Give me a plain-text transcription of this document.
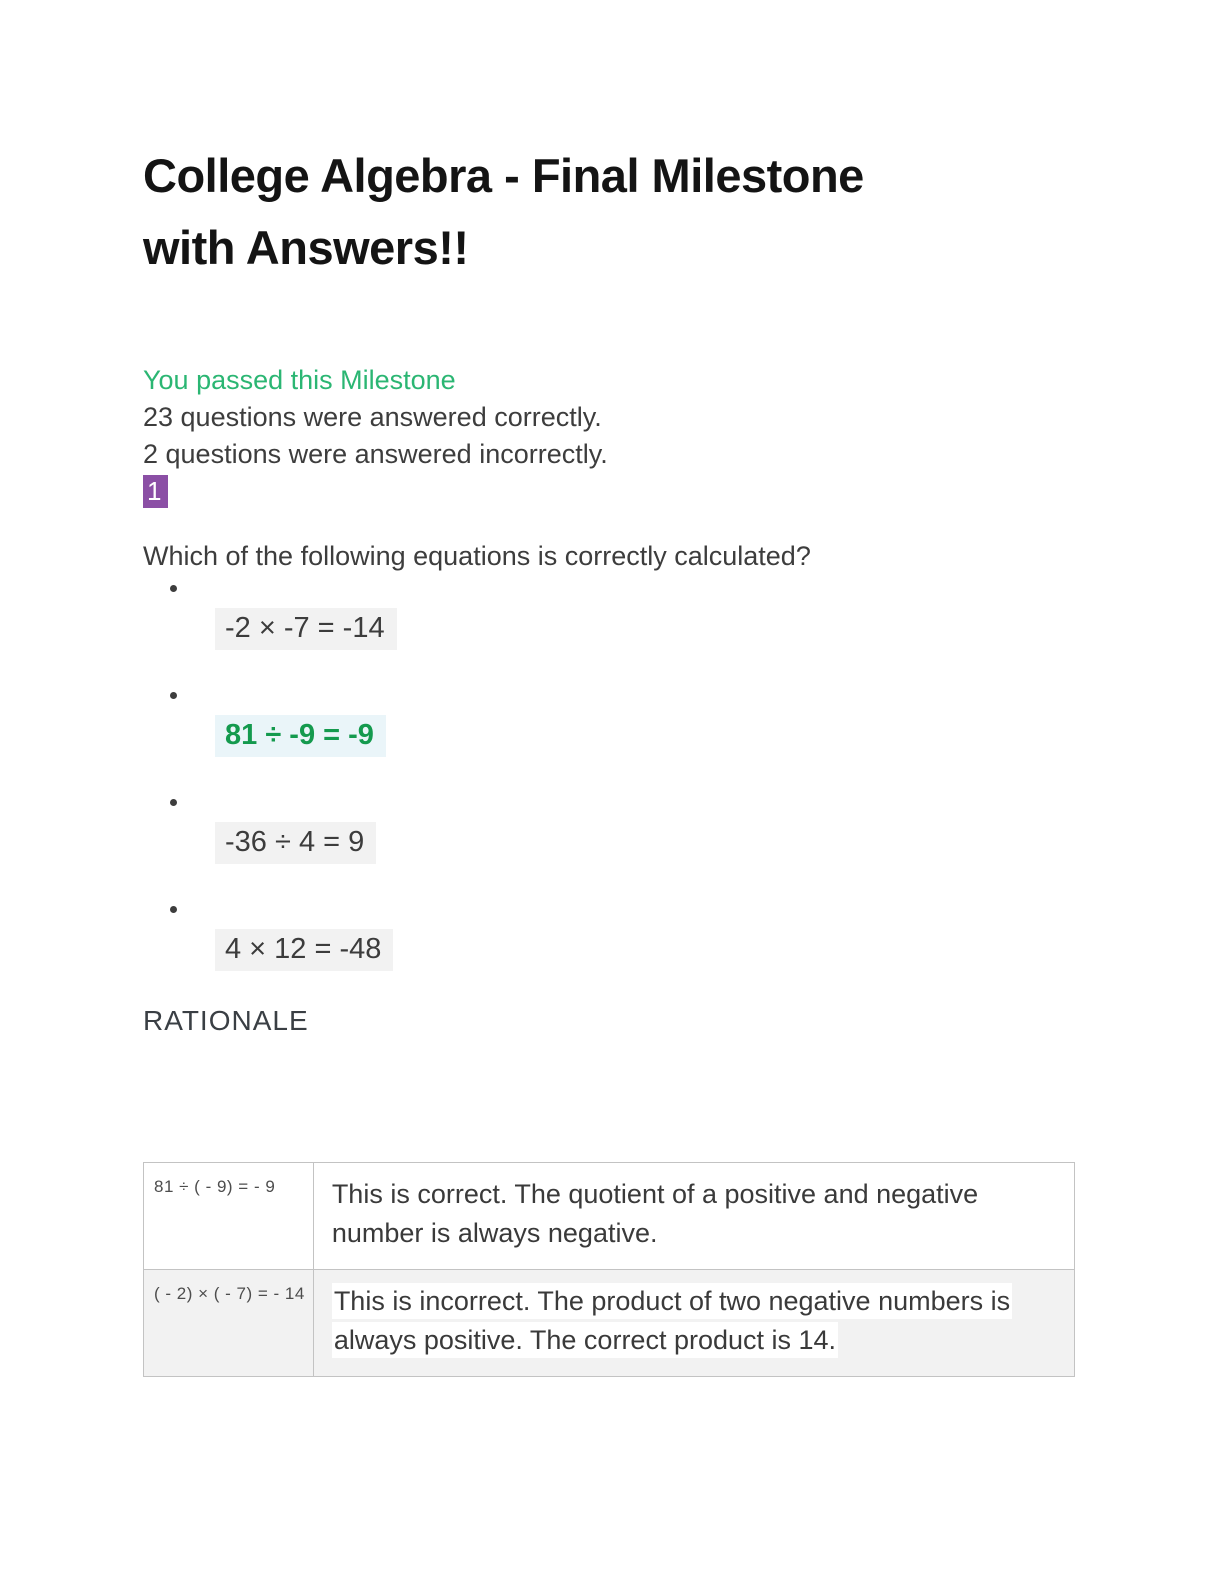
College Algebra - Final Milestone with Answers!!
You passed this Milestone
23 questions were answered correctly.
2 questions were answered incorrectly.
1
Which of the following equations is correctly calculated?
-2 × -7 = -14
81 ÷ -9 = -9
-36 ÷ 4 = 9
4 × 12 = -48
RATIONALE
81 ÷ ( - 9) = - 9	This is correct. The quotient of a positive and negative number is always negative.
( - 2) × ( - 7) = - 14	This is incorrect. The product of two negative numbers is always positive. The correct product is 14.
